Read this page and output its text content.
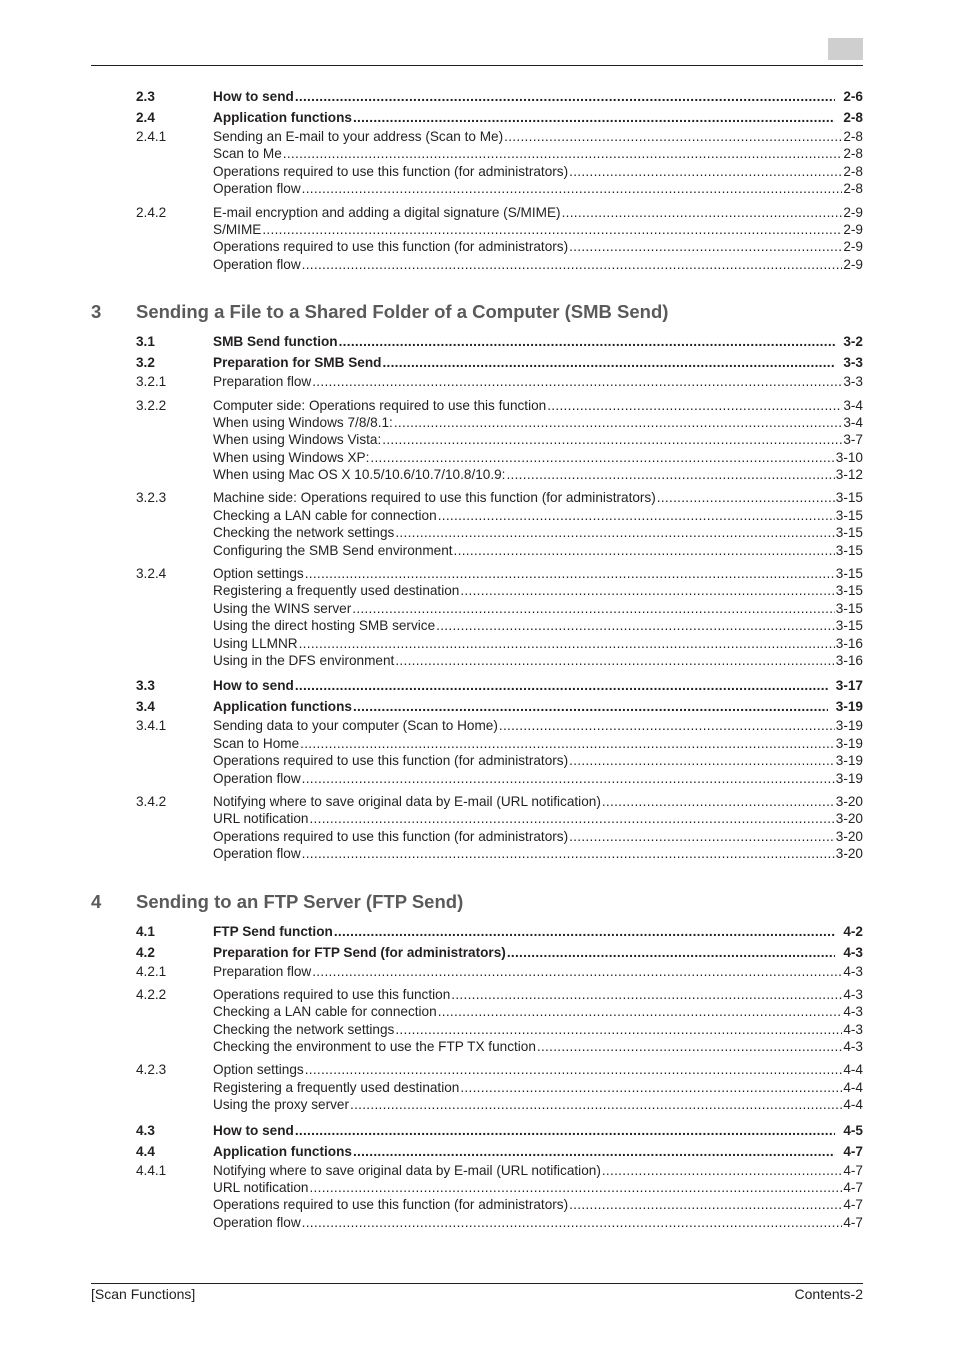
2.3	How to send .....	2-6
2.4	Application functions .....	2-8
2.4.1	Sending an E-mail to your address (Scan to Me) .....	2-8
Scan to Me .....	2-8
Operations required to use this function (for administrators) .....	2-8
Operation flow .....	2-8
2.4.2	E-mail encryption and adding a digital signature (S/MIME) .....	2-9
S/MIME .....	2-9
Operations required to use this function (for administrators) .....	2-9
Operation flow .....	2-9
3 Sending a File to a Shared Folder of a Computer (SMB Send)
3.1	SMB Send function .....	3-2
3.2	Preparation for SMB Send .....	3-3
3.2.1	Preparation flow .....	3-3
3.2.2	Computer side: Operations required to use this function .....	3-4
When using Windows 7/8/8.1: .....	3-4
When using Windows Vista: .....	3-7
When using Windows XP: .....	3-10
When using Mac OS X 10.5/10.6/10.7/10.8/10.9: .....	3-12
3.2.3	Machine side: Operations required to use this function (for administrators) .....	3-15
Checking a LAN cable for connection .....	3-15
Checking the network settings .....	3-15
Configuring the SMB Send environment .....	3-15
3.2.4	Option settings .....	3-15
Registering a frequently used destination .....	3-15
Using the WINS server .....	3-15
Using the direct hosting SMB service .....	3-15
Using LLMNR .....	3-16
Using in the DFS environment .....	3-16
3.3	How to send .....	3-17
3.4	Application functions .....	3-19
3.4.1	Sending data to your computer (Scan to Home) .....	3-19
Scan to Home .....	3-19
Operations required to use this function (for administrators) .....	3-19
Operation flow .....	3-19
3.4.2	Notifying where to save original data by E-mail (URL notification) .....	3-20
URL notification .....	3-20
Operations required to use this function (for administrators) .....	3-20
Operation flow .....	3-20
4 Sending to an FTP Server (FTP Send)
4.1	FTP Send function .....	4-2
4.2	Preparation for FTP Send (for administrators) .....	4-3
4.2.1	Preparation flow .....	4-3
4.2.2	Operations required to use this function .....	4-3
Checking a LAN cable for connection .....	4-3
Checking the network settings .....	4-3
Checking the environment to use the FTP TX function .....	4-3
4.2.3	Option settings .....	4-4
Registering a frequently used destination .....	4-4
Using the proxy server .....	4-4
4.3	How to send .....	4-5
4.4	Application functions .....	4-7
4.4.1	Notifying where to save original data by E-mail (URL notification) .....	4-7
URL notification .....	4-7
Operations required to use this function (for administrators) .....	4-7
Operation flow .....	4-7
[Scan Functions]	Contents-2
